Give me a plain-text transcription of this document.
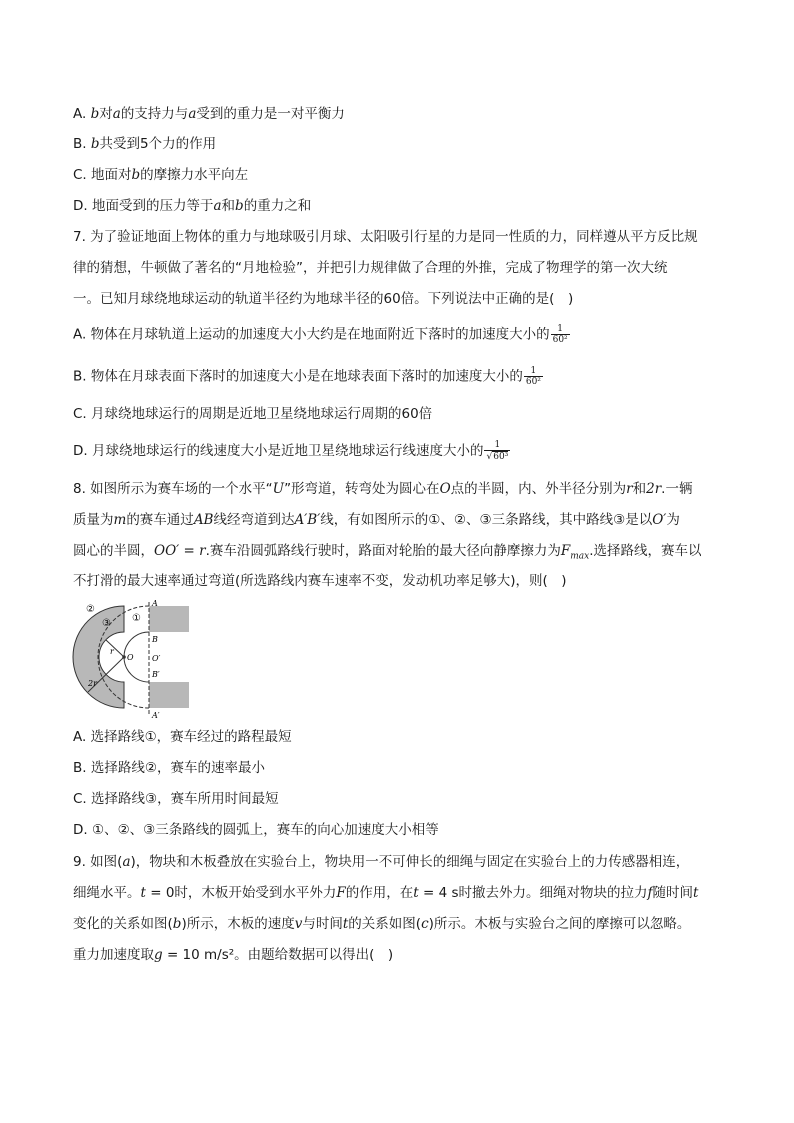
A. b对a的支持力与a受到的重力是一对平衡力
B. b共受到5个力的作用
C. 地面对b的摩擦力水平向左
D. 地面受到的压力等于a和b的重力之和
7. 为了验证地面上物体的重力与地球吸引月球、太阳吸引行星的力是同一性质的力，同样遵从平方反比规
律的猜想，牛顿做了著名的“月地检验”，并把引力规律做了合理的外推，完成了物理学的第一次大统
一。已知月球绕地球运动的轨道半径约为地球半径的60倍。下列说法中正确的是(　)
A. 物体在月球轨道上运动的加速度大小大约是在地面附近下落时的加速度大小的 $\frac{1}{\text{60²}}$
B. 物体在月球表面下落时的加速度大小是在地球表面下落时的加速度大小的 $\frac{1}{\text{60²}}$
C. 月球绕地球运行的周期是近地卫星绕地球运行周期的60倍
D. 月球绕地球运行的线速度大小是近地卫星绕地球运行线速度大小的 $\frac{1}{\text{√60³}}$
8. 如图所示为赛车场的一个水平“U”形弯道，转弯处为圆心在O点的半圆，内、外半径分别为r和2r.一辆
质量为m的赛车通过AB线经弯道到达A′B′线，有如图所示的①、②、③三条路线，其中路线③是以O′为
圆心的半圆，OO′ = r.赛车沿圆弧路线行驶时，路面对轮胎的最大径向静摩擦力为$F_{max}$.选择路线，赛车以
不打滑的最大速率通过弯道(所选路线内赛车速率不变，发动机功率足够大)，则(　)
A
B
O′
B′
A′
O
r
2r
①
②
③
A. 选择路线①，赛车经过的路程最短
B. 选择路线②，赛车的速率最小
C. 选择路线③，赛车所用时间最短
D. ①、②、③三条路线的圆弧上，赛车的向心加速度大小相等
9. 如图(a)，物块和木板叠放在实验台上，物块用一不可伸长的细绳与固定在实验台上的力传感器相连，
细绳水平。t = 0时，木板开始受到水平外力F的作用，在t = 4 s时撤去外力。细绳对物块的拉力f随时间t
变化的关系如图(b)所示，木板的速度v与时间t的关系如图(c)所示。木板与实验台之间的摩擦可以忽略。
重力加速度取g = 10 m/s²。由题给数据可以得出(　)
